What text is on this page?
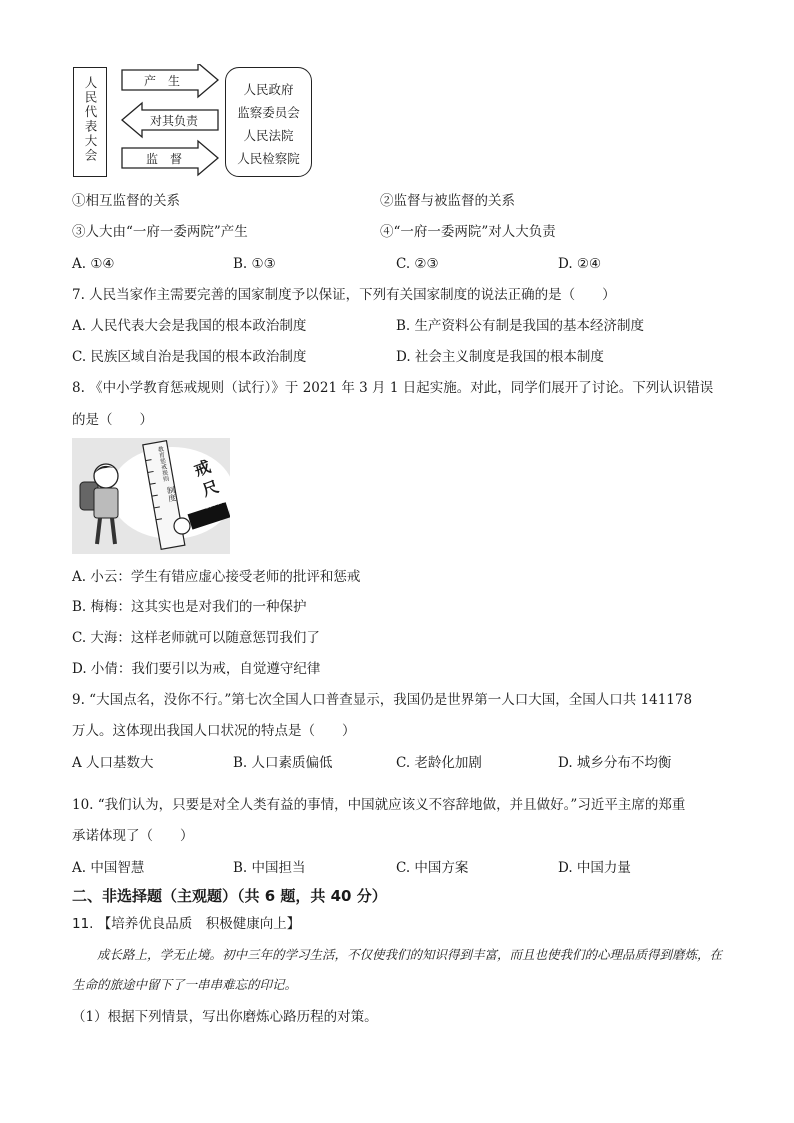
人民代表大会	产　生
对其负责
监　督
人民政府
监察委员会
人民法院
人民检察院
①相互监督的关系	②监督与被监督的关系
③人大由“一府一委两院”产生	④“一府一委两院”对人大负责
A. ①④	B. ①③	C. ②③	D. ②④
7. 人民当家作主需要完善的国家制度予以保证，下列有关国家制度的说法正确的是（　　）
A. 人民代表大会是我国的根本政治制度	B. 生产资料公有制是我国的基本经济制度
C. 民族区域自治是我国的根本政治制度	D. 社会主义制度是我国的根本制度
8. 《中小学教育惩戒规则（试行）》于 2021 年 3 月 1 日起实施。对此，同学们展开了讨论。下列认识错误
的是（　　）
教育惩戒规则
制度
戒
尺
教师管教
A. 小云：学生有错应虚心接受老师的批评和惩戒
B. 梅梅：这其实也是对我们的一种保护
C. 大海：这样老师就可以随意惩罚我们了
D. 小倩：我们要引以为戒，自觉遵守纪律
9. “大国点名，没你不行。”第七次全国人口普查显示，我国仍是世界第一人口大国，全国人口共 141178
万人。这体现出我国人口状况的特点是（　　）
A 人口基数大	B. 人口素质偏低	C. 老龄化加剧	D. 城乡分布不均衡
10. “我们认为，只要是对全人类有益的事情，中国就应该义不容辞地做，并且做好。”习近平主席的郑重
承诺体现了（　　）
A. 中国智慧	B. 中国担当	C. 中国方案	D. 中国力量
二、非选择题（主观题）（共 6 题，共 40 分）
11. 【培养优良品质　积极健康向上】
成长路上，学无止境。初中三年的学习生活，不仅使我们的知识得到丰富，而且也使我们的心理品质得到磨炼，在生命的旅途中留下了一串串难忘的印记。
（1）根据下列情景，写出你磨炼心路历程的对策。
